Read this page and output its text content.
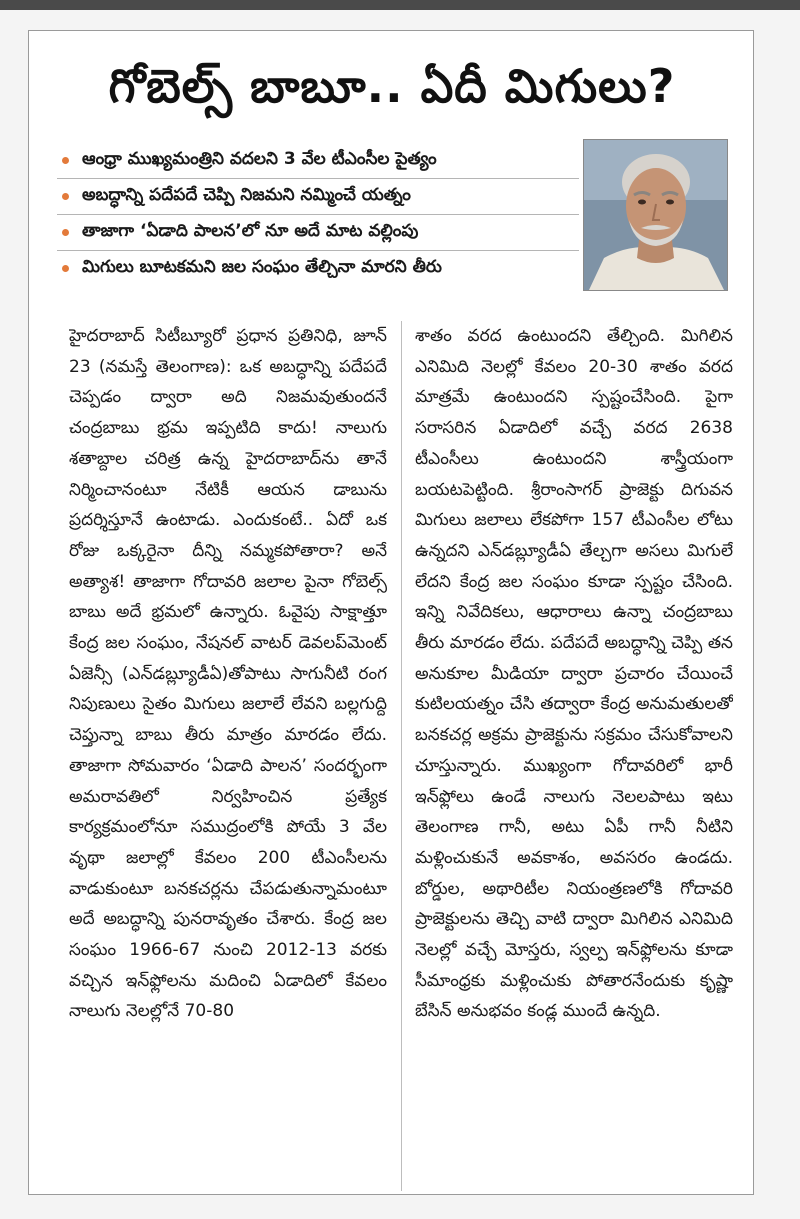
గోబెల్స్ బాబూ.. ఏదీ మిగులు?
ఆంధ్రా ముఖ్యమంత్రిని వదలని 3 వేల టీఎంసీల పైత్యం
అబద్ధాన్ని పదేపదే చెప్పి నిజమని నమ్మించే యత్నం
తాజాగా ‘ఏడాది పాలన’లో నూ అదే మాట వల్లింపు
మిగులు బూటకమని జల సంఘం తేల్చినా మారని తీరు

హైదరాబాద్ సిటీబ్యూరో ప్రధాన ప్రతినిధి, జూన్ 23 (నమస్తే తెలంగాణ): ఒక అబద్ధాన్ని పదేపదే చెప్పడం ద్వారా అది నిజమవుతుందనే చంద్రబాబు భ్రమ ఇప్పటిది కాదు! నాలుగు శతాబ్దాల చరిత్ర ఉన్న హైదరాబాద్‌ను తానే నిర్మించానంటూ నేటికీ ఆయన డాబును ప్రదర్శిస్తూనే ఉంటాడు. ఎందుకంటే.. ఏదో ఒక రోజు ఒక్కరైనా దీన్ని నమ్మకపోతారా? అనే అత్యాశ! తాజాగా గోదావరి జలాల పైనా గోబెల్స్ బాబు అదే భ్రమలో ఉన్నారు. ఓవైపు సాక్షాత్తూ కేంద్ర జల సంఘం, నేషనల్ వాటర్ డెవలప్‌మెంట్ ఏజెన్సీ (ఎన్‌డబ్ల్యూడీఏ)తోపాటు సాగునీటి రంగ నిపుణులు సైతం మిగులు జలాలే లేవని బల్లగుద్ది చెప్తున్నా బాబు తీరు మాత్రం మారడం లేదు. తాజాగా సోమవారం ‘ఏడాది పాలన’ సందర్భంగా అమరావతిలో నిర్వహించిన ప్రత్యేక కార్యక్రమంలోనూ సముద్రంలోకి పోయే 3 వేల వృథా జలాల్లో కేవలం 200 టీఎంసీలను వాడుకుంటూ బనకచర్లను చేపడుతున్నామంటూ అదే అబద్ధాన్ని పునరావృతం చేశారు. కేంద్ర జల సంఘం 1966-67 నుంచి 2012-13 వరకు వచ్చిన ఇన్‌ఫ్లోలను మదించి ఏడాదిలో కేవలం నాలుగు నెలల్లోనే 70-80

శాతం వరద ఉంటుందని తేల్చింది. మిగిలిన ఎనిమిది నెలల్లో కేవలం 20-30 శాతం వరద మాత్రమే ఉంటుందని స్పష్టంచేసింది. పైగా సరాసరిన ఏడాదిలో వచ్చే వరద 2638 టీఎంసీలు ఉంటుందని శాస్త్రీయంగా బయటపెట్టింది. శ్రీరాంసాగర్ ప్రాజెక్టు దిగువన మిగులు జలాలు లేకపోగా 157 టీఎంసీల లోటు ఉన్నదని ఎన్‌డబ్ల్యూడీఏ తేల్చగా అసలు మిగులే లేదని కేంద్ర జల సంఘం కూడా స్పష్టం చేసింది. ఇన్ని నివేదికలు, ఆధారాలు ఉన్నా చంద్రబాబు తీరు మారడం లేదు. పదేపదే అబద్ధాన్ని చెప్పి తన అనుకూల మీడియా ద్వారా ప్రచారం చేయించే కుటిలయత్నం చేసి తద్వారా కేంద్ర అనుమతులతో బనకచర్ల అక్రమ ప్రాజెక్టును సక్రమం చేసుకోవాలని చూస్తున్నారు. ముఖ్యంగా గోదావరిలో భారీ ఇన్‌ఫ్లోలు ఉండే నాలుగు నెలలపాటు ఇటు తెలంగాణ గానీ, అటు ఏపీ గానీ నీటిని మళ్లించుకునే అవకాశం, అవసరం ఉండదు. బోర్డుల, అథారిటీల నియంత్రణలోకి గోదావరి ప్రాజెక్టులను తెచ్చి వాటి ద్వారా మిగిలిన ఎనిమిది నెలల్లో వచ్చే మోస్తరు, స్వల్ప ఇన్‌ఫ్లోలను కూడా సీమాంధ్రకు మళ్లించుకు పోతారనేందుకు కృష్ణా బేసిన్ అనుభవం కండ్ల ముందే ఉన్నది.
